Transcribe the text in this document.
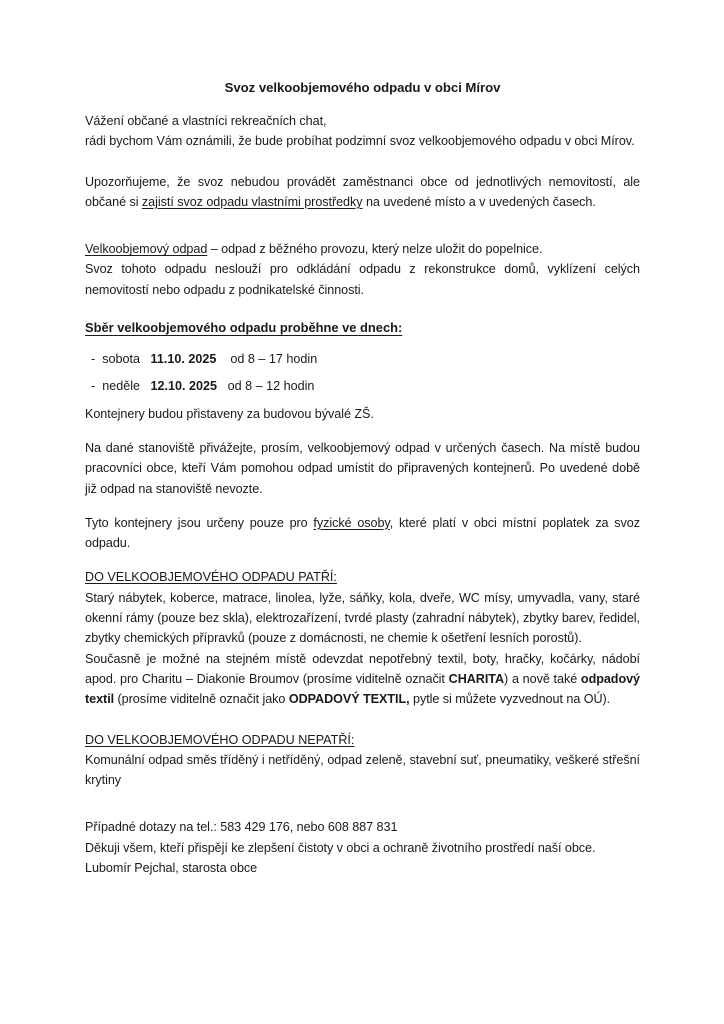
Svoz velkoobjemového odpadu v obci Mírov

Vážení občané a vlastníci rekreačních chat,
rádi bychom Vám oznámili, že bude probíhat podzimní svoz velkoobjemového odpadu v obci Mírov.

Upozorňujeme, že svoz nebudou provádět zaměstnanci obce od jednotlivých nemovitostí, ale občané si zajistí svoz odpadu vlastními prostředky na uvedené místo a v uvedených časech.

Velkoobjemový odpad – odpad z běžného provozu, který nelze uložit do popelnice.

Svoz tohoto odpadu neslouží pro odkládání odpadu z rekonstrukce domů, vyklízení celých nemovitostí nebo odpadu z podnikatelské činnosti.

Sběr velkoobjemového odpadu proběhne ve dnech:

- sobota 11.10. 2025 od 8 – 17 hodin

- neděle 12.10. 2025 od 8 – 12 hodin

Kontejnery budou přistaveny za budovou bývalé ZŠ.

Na dané stanoviště přivážejte, prosím, velkoobjemový odpad v určených časech. Na místě budou pracovníci obce, kteří Vám pomohou odpad umístit do připravených kontejnerů. Po uvedené době již odpad na stanoviště nevozte.

Tyto kontejnery jsou určeny pouze pro fyzické osoby, které platí v obci místní poplatek za svoz odpadu.

DO VELKOOBJEMOVÉHO ODPADU PATŘÍ:

Starý nábytek, koberce, matrace, linolea, lyže, sáňky, kola, dveře, WC mísy, umyvadla, vany, staré okenní rámy (pouze bez skla), elektrozařízení, tvrdé plasty (zahradní nábytek), zbytky barev, ředidel, zbytky chemických přípravků (pouze z domácnosti, ne chemie k ošetření lesních porostů).

Současně je možné na stejném místě odevzdat nepotřebný textil, boty, hračky, kočárky, nádobí apod. pro Charitu – Diakonie Broumov (prosíme viditelně označit CHARITA) a nově také odpadový textil (prosíme viditelně označit jako ODPADOVÝ TEXTIL, pytle si můžete vyzvednout na OÚ).

DO VELKOOBJEMOVÉHO ODPADU NEPATŘÍ:

Komunální odpad směs tříděný i netříděný, odpad zeleně, stavební suť, pneumatiky, veškeré střešní krytiny

Případné dotazy na tel.: 583 429 176, nebo 608 887 831
Děkuji všem, kteří přispějí ke zlepšení čistoty v obci a ochraně životního prostředí naší obce.
Lubomír Pejchal, starosta obce
